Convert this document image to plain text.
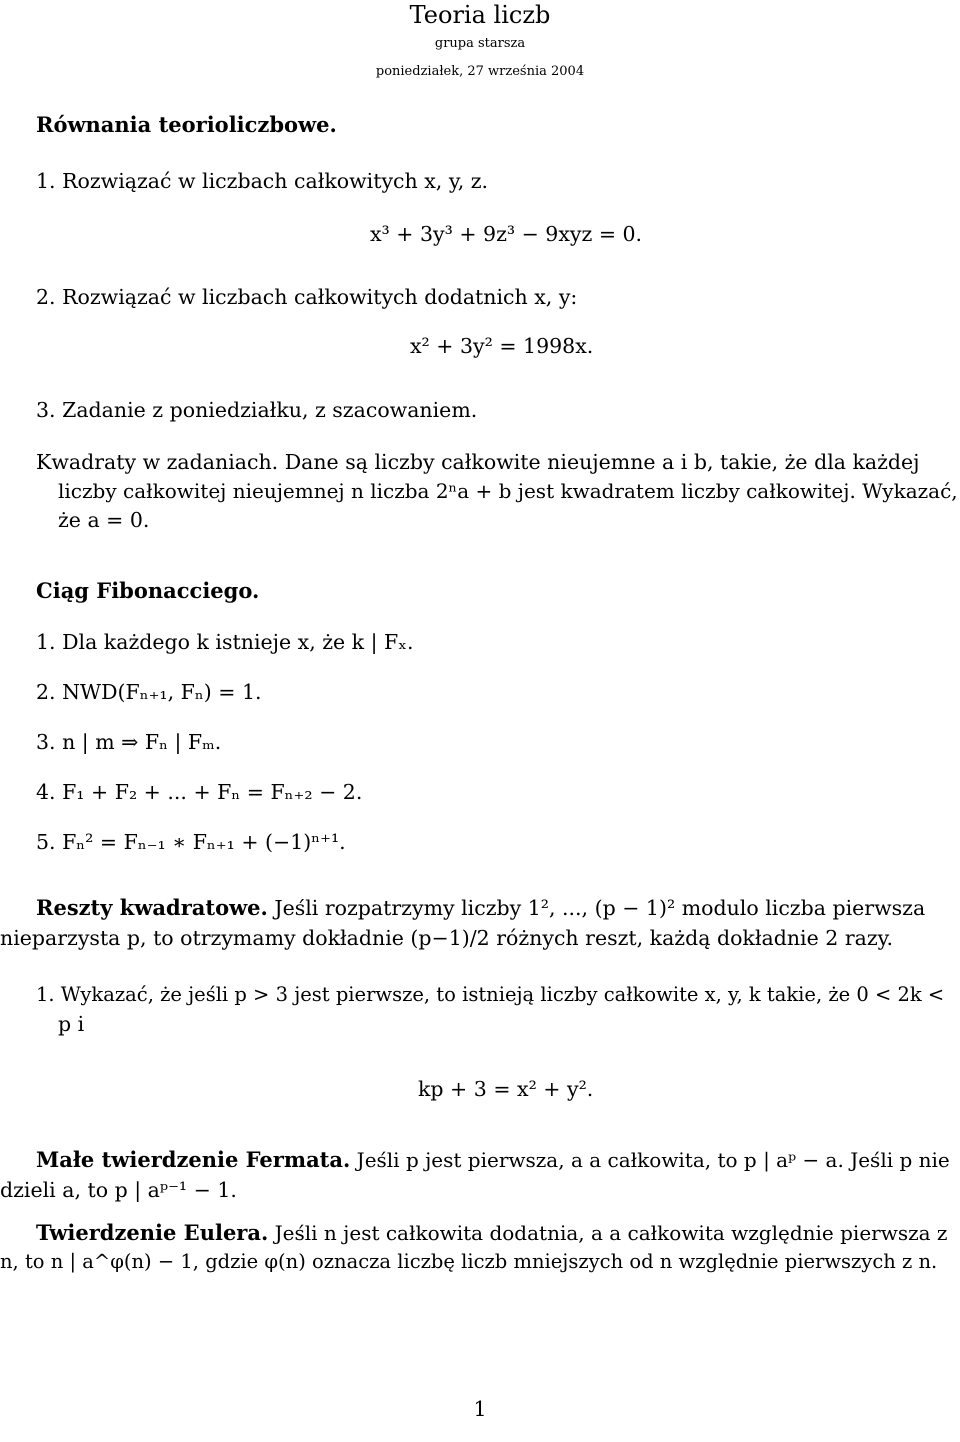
Teoria liczb
grupa starsza
poniedziałek, 27 września 2004
Równania teorioliczbowe.
1. Rozwiązać w liczbach całkowitych x, y, z.
x³ + 3y³ + 9z³ − 9xyz = 0.
2. Rozwiązać w liczbach całkowitych dodatnich x, y:
x² + 3y² = 1998x.
3. Zadanie z poniedziałku, z szacowaniem.
Kwadraty w zadaniach. Dane są liczby całkowite nieujemne a i b, takie, że dla każdej
liczby całkowitej nieujemnej n liczba 2ⁿa + b jest kwadratem liczby całkowitej. Wykazać,
że a = 0.
Ciąg Fibonacciego.
1. Dla każdego k istnieje x, że k | Fₓ.
2. NWD(Fₙ₊₁, Fₙ) = 1.
3. n | m ⇒ Fₙ | Fₘ.
4. F₁ + F₂ + ... + Fₙ = Fₙ₊₂ − 2.
5. Fₙ² = Fₙ₋₁ ∗ Fₙ₊₁ + (−1)ⁿ⁺¹.
Reszty kwadratowe. Jeśli rozpatrzymy liczby 1², ..., (p − 1)² modulo liczba pierwsza
nieparzysta p, to otrzymamy dokładnie (p−1)/2 różnych reszt, każdą dokładnie 2 razy.
1. Wykazać, że jeśli p > 3 jest pierwsze, to istnieją liczby całkowite x, y, k takie, że 0 < 2k <
p i
kp + 3 = x² + y².
Małe twierdzenie Fermata. Jeśli p jest pierwsza, a a całkowita, to p | aᵖ − a. Jeśli p nie
dzieli a, to p | aᵖ⁻¹ − 1.
Twierdzenie Eulera. Jeśli n jest całkowita dodatnia, a a całkowita względnie pierwsza z
n, to n | a^φ(n) − 1, gdzie φ(n) oznacza liczbę liczb mniejszych od n względnie pierwszych z n.
1
